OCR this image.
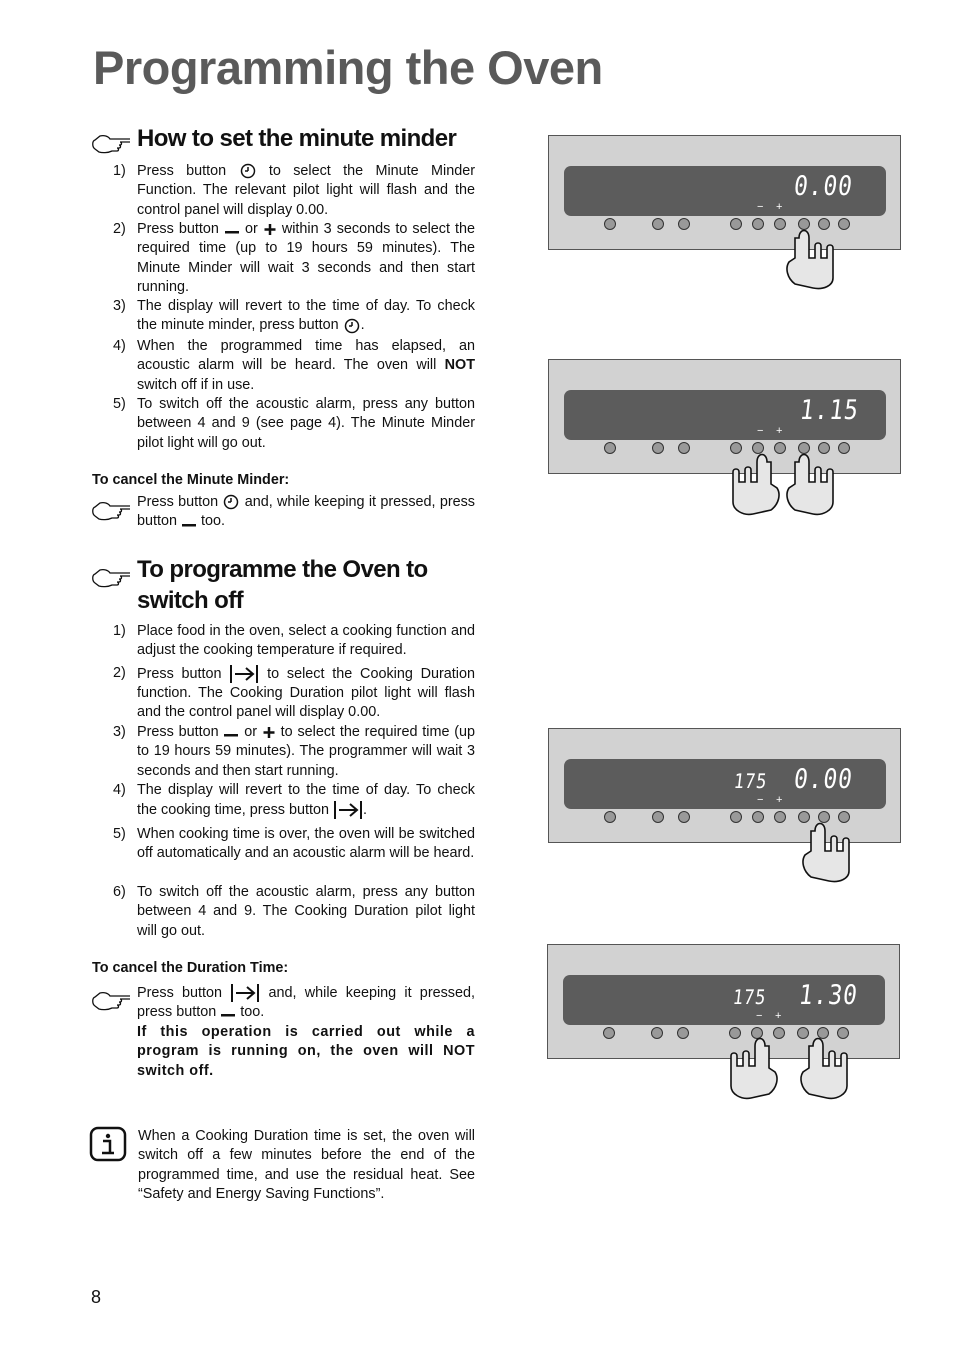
Programming the Oven
How to set the minute minder
1) Press button	to select the Minute Minder Function. The relevant pilot light will flash and the control panel will display 0.00.
2) Press button or within 3 seconds to select the required time (up to 19 hours 59 minutes). The Minute Minder will wait 3 seconds and then start running.
3) The display will revert to the time of day. To check the minute minder, press button .
4) When the programmed time has elapsed, an acoustic alarm will be heard. The oven will NOT switch off if in use.
5) To switch off the acoustic alarm, press any button between 4 and 9 (see page 4). The Minute Minder pilot light will go out.
To cancel the Minute Minder:
Press button and, while keeping it pressed, press button too.
To programme the Oven to
switch off
1) Place food in the oven, select a cooking function and adjust the cooking temperature if required.
2) Press button	to select the Cooking Duration function. The Cooking Duration pilot light will flash and the control panel will display 0.00.
3) Press button or to select the required time (up to 19 hours 59 minutes). The programmer will wait 3 seconds and then start running.
4) The display will revert to the time of day. To check the cooking time, press button .
5) When cooking time is over, the oven will be switched off automatically and an acoustic alarm will be heard.
6) To switch off the acoustic alarm, press any button between 4 and 9. The Cooking Duration pilot light will go out.
To cancel the Duration Time:
Press button	and, while keeping it pressed, press button too.
If this operation is carried out while a program is running on, the oven will NOT switch off.
When a Cooking Duration time is set, the oven will switch off a few minutes before the end of the programmed time, and use the residual heat. See “Safety and Energy Saving Functions”.
0.00
− +
1.15
− +
175 0.00
− +
175 1.30
− +
8
